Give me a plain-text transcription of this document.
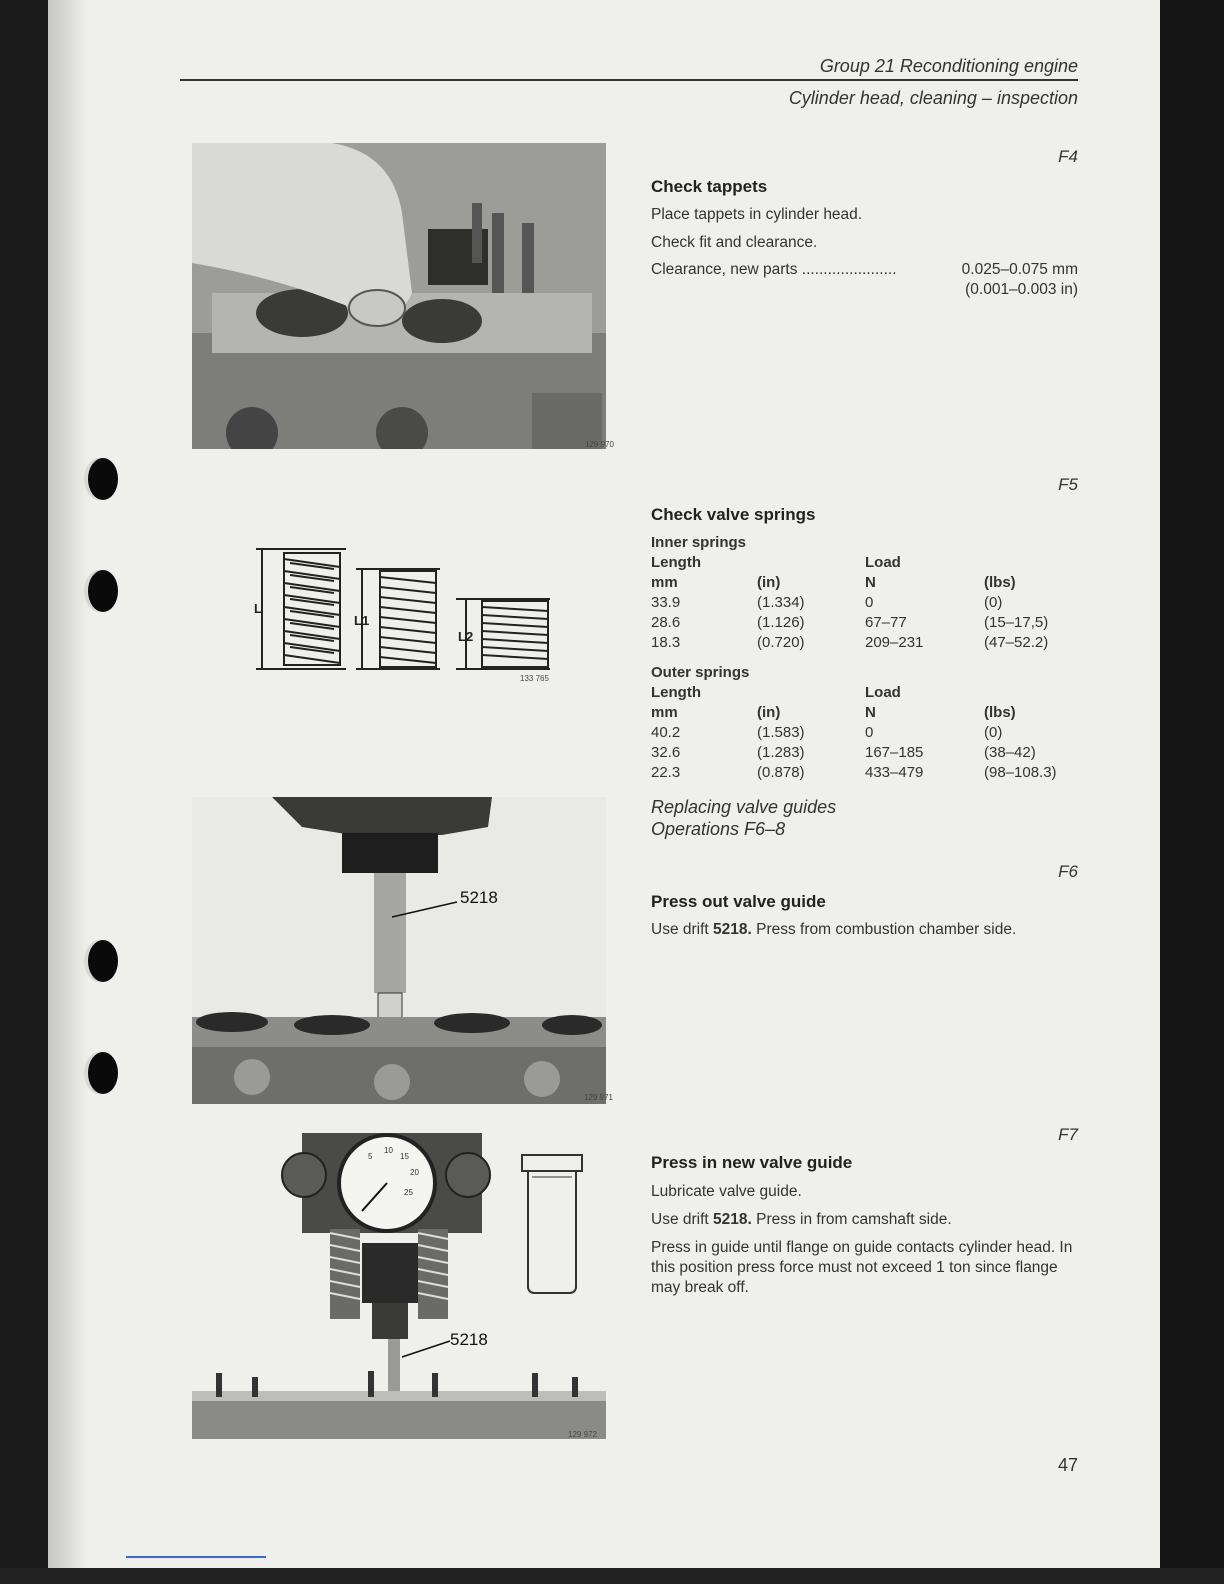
Group 21 Reconditioning engine
Cylinder head, cleaning – inspection
129 970
F4
Check tappets
Place tappets in cylinder head.
Check fit and clearance.
Clearance, new parts ......................	0.025–0.075 mm
(0.001–0.003 in)
L
L1
L2
133 765
F5
Check valve springs
Inner springs			
Length		Load	
mm	(in)	N	(lbs)
33.9	(1.334)	0	(0)
28.6	(1.126)	67–77	(15–17,5)
18.3	(0.720)	209–231	(47–52.2)
Outer springs			
Length		Load	
mm	(in)	N	(lbs)
40.2	(1.583)	0	(0)
32.6	(1.283)	167–185	(38–42)
22.3	(0.878)	433–479	(98–108.3)
Replacing valve guides
Operations F6–8
5218
129 971
F6
Press out valve guide
Use drift 5218. Press from combustion chamber side.
5
10
15
20
25
5218
129 972
F7
Press in new valve guide
Lubricate valve guide.
Use drift 5218. Press in from camshaft side.
Press in guide until flange on guide contacts cylinder head. In this position press force must not exceed 1 ton since flange may break off.
47
